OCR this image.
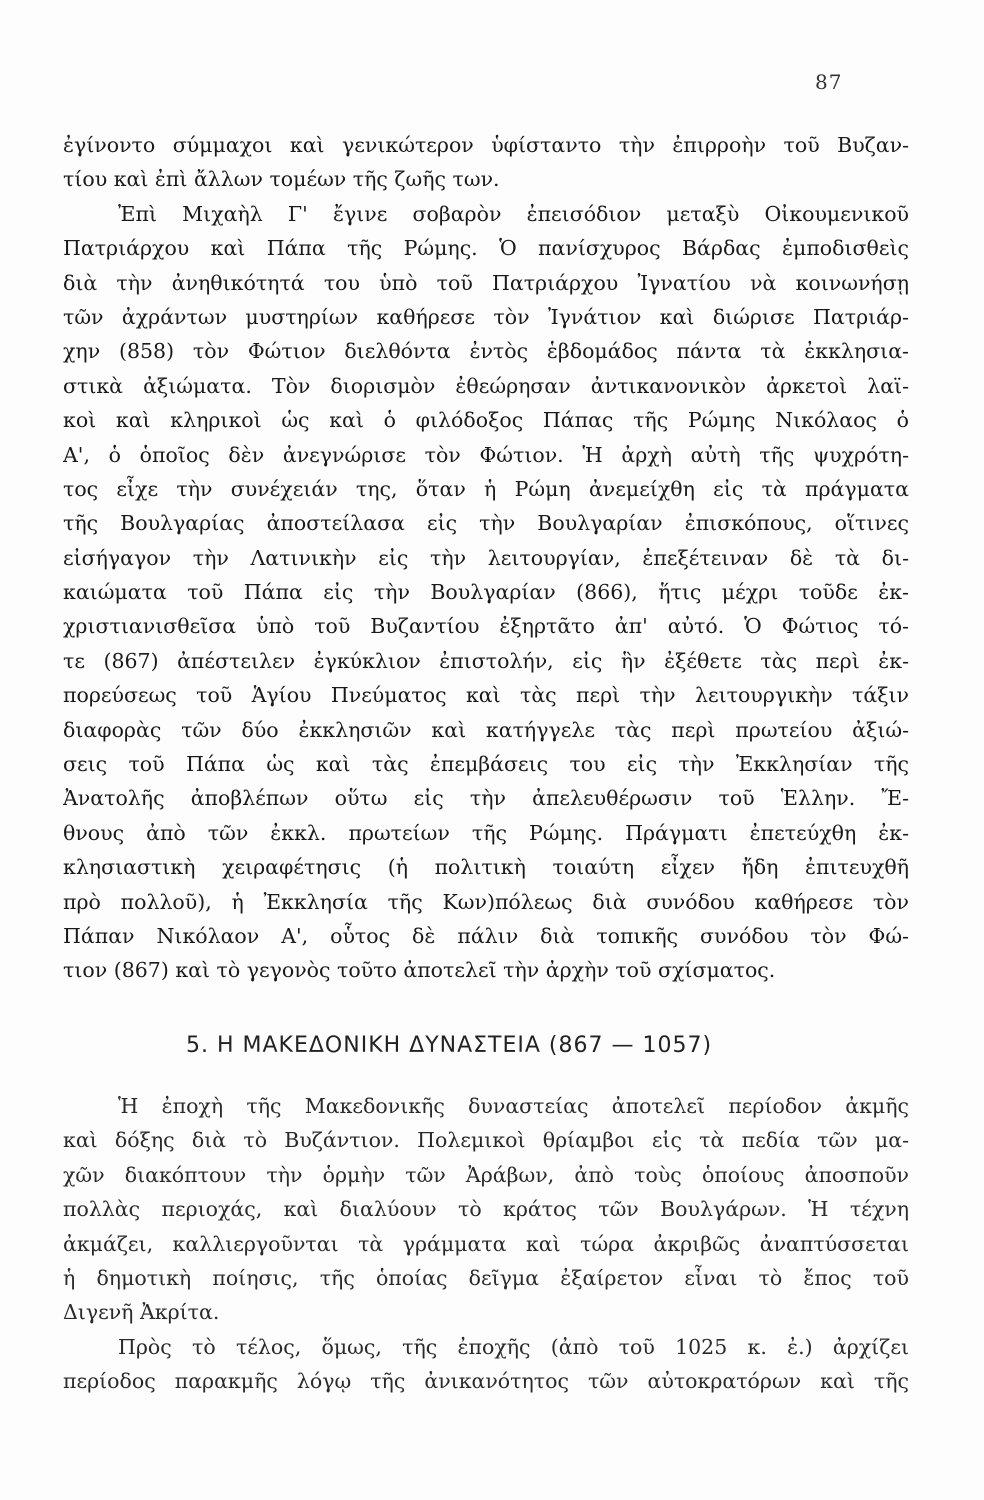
87
ἐγίνοντο σύμμαχοι καὶ γενικώτερον ὑφίσταντο τὴν ἐπιρροὴν τοῦ Βυζαν-
τίου καὶ ἐπὶ ἄλλων τομέων τῆς ζωῆς των.
Ἐπὶ Μιχαὴλ Γ' ἔγινε σοβαρὸν ἐπεισόδιον μεταξὺ Οἰκουμενικοῦ
Πατριάρχου καὶ Πάπα τῆς Ρώμης. Ὁ πανίσχυρος Βάρδας ἐμποδισθεὶς
διὰ τὴν ἀνηθικότητά του ὑπὸ τοῦ Πατριάρχου Ἰγνατίου νὰ κοινωνήσῃ
τῶν ἀχράντων μυστηρίων καθήρεσε τὸν Ἰγνάτιον καὶ διώρισε Πατριάρ-
χην (858) τὸν Φώτιον διελθόντα ἐντὸς ἑβδομάδος πάντα τὰ ἐκκλησια-
στικὰ ἀξιώματα. Τὸν διορισμὸν ἐθεώρησαν ἀντικανονικὸν ἀρκετοὶ λαϊ-
κοὶ καὶ κληρικοὶ ὡς καὶ ὁ φιλόδοξος Πάπας τῆς Ρώμης Νικόλαος ὁ
Α', ὁ ὁποῖος δὲν ἀνεγνώρισε τὸν Φώτιον. Ἡ ἀρχὴ αὐτὴ τῆς ψυχρότη-
τος εἶχε τὴν συνέχειάν της, ὅταν ἡ Ρώμη ἀνεμείχθη εἰς τὰ πράγματα
τῆς Βουλγαρίας ἀποστείλασα εἰς τὴν Βουλγαρίαν ἐπισκόπους, οἵτινες
εἰσήγαγον τὴν Λατινικὴν εἰς τὴν λειτουργίαν, ἐπεξέτειναν δὲ τὰ δι-
καιώματα τοῦ Πάπα εἰς τὴν Βουλγαρίαν (866), ἥτις μέχρι τοῦδε ἐκ-
χριστιανισθεῖσα ὑπὸ τοῦ Βυζαντίου ἐξηρτᾶτο ἀπ' αὐτό. Ὁ Φώτιος τό-
τε (867) ἀπέστειλεν ἐγκύκλιον ἐπιστολήν, εἰς ἣν ἐξέθετε τὰς περὶ ἐκ-
πορεύσεως τοῦ Ἁγίου Πνεύματος καὶ τὰς περὶ τὴν λειτουργικὴν τάξιν
διαφορὰς τῶν δύο ἐκκλησιῶν καὶ κατήγγελε τὰς περὶ πρωτείου ἀξιώ-
σεις τοῦ Πάπα ὡς καὶ τὰς ἐπεμβάσεις του εἰς τὴν Ἐκκλησίαν τῆς
Ἀνατολῆς ἀποβλέπων οὕτω εἰς τὴν ἀπελευθέρωσιν τοῦ Ἑλλην. Ἔ-
θνους ἀπὸ τῶν ἐκκλ. πρωτείων τῆς Ρώμης. Πράγματι ἐπετεύχθη ἐκ-
κλησιαστικὴ χειραφέτησις (ἡ πολιτικὴ τοιαύτη εἶχεν ἤδη ἐπιτευχθῆ
πρὸ πολλοῦ), ἡ Ἐκκλησία τῆς Κων)πόλεως διὰ συνόδου καθήρεσε τὸν
Πάπαν Νικόλαον Α', οὗτος δὲ πάλιν διὰ τοπικῆς συνόδου τὸν Φώ-
τιον (867) καὶ τὸ γεγονὸς τοῦτο ἀποτελεῖ τὴν ἀρχὴν τοῦ σχίσματος.
5. Η ΜΑΚΕΔΟΝΙΚΗ ΔΥΝΑΣΤΕΙΑ (867 — 1057)
Ἡ ἐποχὴ τῆς Μακεδονικῆς δυναστείας ἀποτελεῖ περίοδον ἀκμῆς
καὶ δόξης διὰ τὸ Βυζάντιον. Πολεμικοὶ θρίαμβοι εἰς τὰ πεδία τῶν μα-
χῶν διακόπτουν τὴν ὁρμὴν τῶν Ἀράβων, ἀπὸ τοὺς ὁποίους ἀποσποῦν
πολλὰς περιοχάς, καὶ διαλύουν τὸ κράτος τῶν Βουλγάρων. Ἡ τέχνη
ἀκμάζει, καλλιεργοῦνται τὰ γράμματα καὶ τώρα ἀκριβῶς ἀναπτύσσεται
ἡ δημοτικὴ ποίησις, τῆς ὁποίας δεῖγμα ἐξαίρετον εἶναι τὸ ἔπος τοῦ
Διγενῆ Ἀκρίτα.
Πρὸς τὸ τέλος, ὅμως, τῆς ἐποχῆς (ἀπὸ τοῦ 1025 κ. ἐ.) ἀρχίζει
περίοδος παρακμῆς λόγῳ τῆς ἀνικανότητος τῶν αὐτοκρατόρων καὶ τῆς
